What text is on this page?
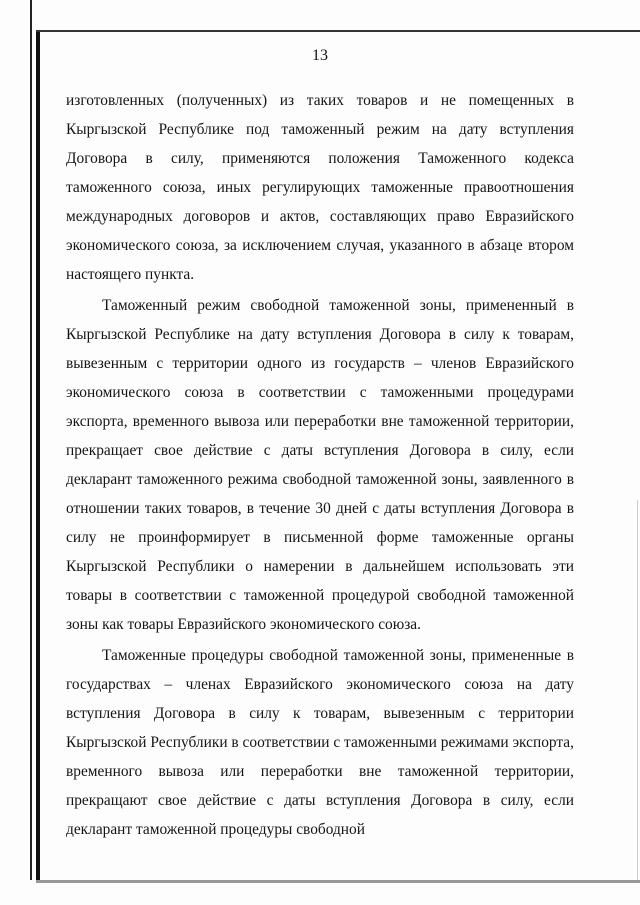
13

изготовленных (полученных) из таких товаров и не помещенных в Кыргызской Республике под таможенный режим на дату вступления Договора в силу, применяются положения Таможенного кодекса таможенного союза, иных регулирующих таможенные правоотношения международных договоров и актов, составляющих право Евразийского экономического союза, за исключением случая, указанного в абзаце втором настоящего пункта.

Таможенный режим свободной таможенной зоны, примененный в Кыргызской Республике на дату вступления Договора в силу к товарам, вывезенным с территории одного из государств – членов Евразийского экономического союза в соответствии с таможенными процедурами экспорта, временного вывоза или переработки вне таможенной территории, прекращает свое действие с даты вступления Договора в силу, если декларант таможенного режима свободной таможенной зоны, заявленного в отношении таких товаров, в течение 30 дней с даты вступления Договора в силу не проинформирует в письменной форме таможенные органы Кыргызской Республики о намерении в дальнейшем использовать эти товары в соответствии с таможенной процедурой свободной таможенной зоны как товары Евразийского экономического союза.

Таможенные процедуры свободной таможенной зоны, примененные в государствах – членах Евразийского экономического союза на дату вступления Договора в силу к товарам, вывезенным с территории Кыргызской Республики в соответствии с таможенными режимами экспорта, временного вывоза или переработки вне таможенной территории, прекращают свое действие с даты вступления Договора в силу, если декларант таможенной процедуры свободной
